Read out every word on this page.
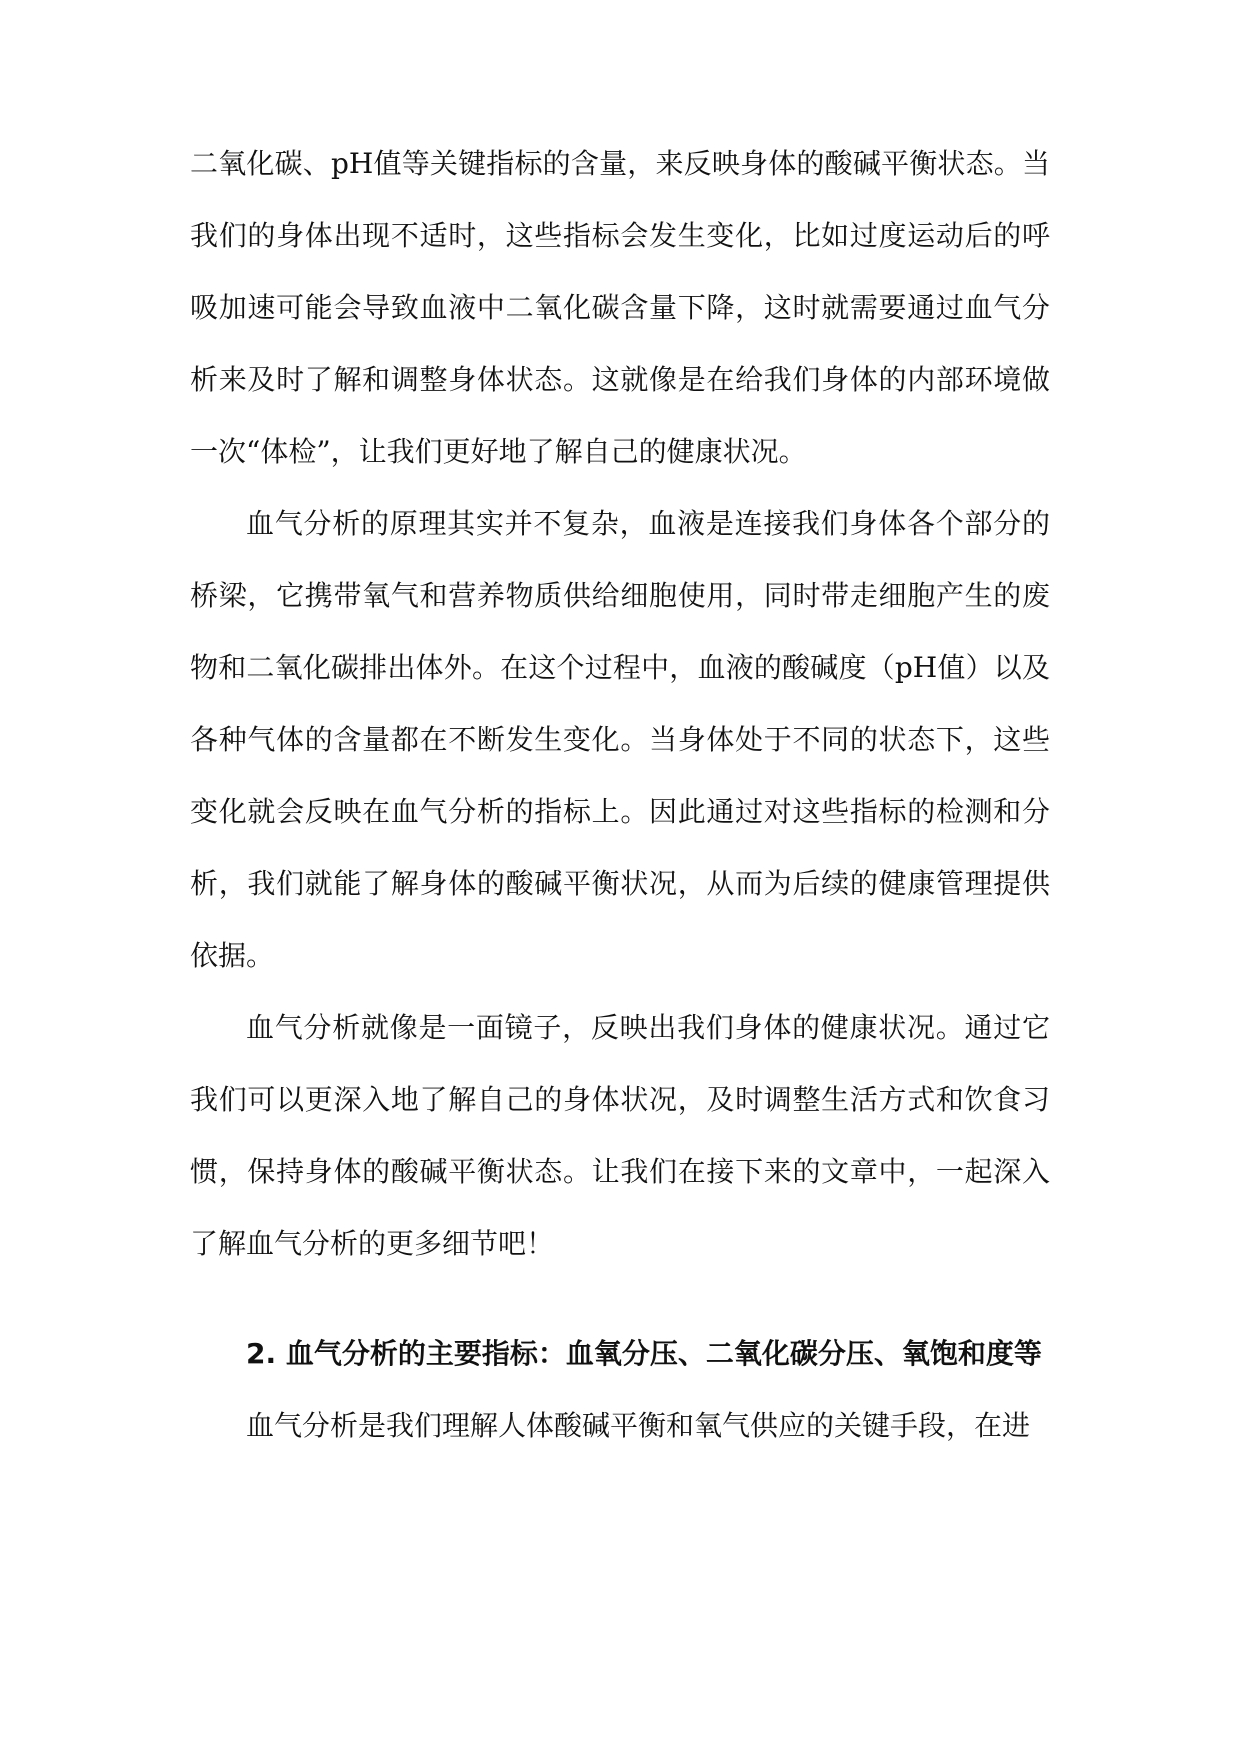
二氧化碳、pH值等关键指标的含量，来反映身体的酸碱平衡状态。当我们的身体出现不适时，这些指标会发生变化，比如过度运动后的呼吸加速可能会导致血液中二氧化碳含量下降，这时就需要通过血气分析来及时了解和调整身体状态。这就像是在给我们身体的内部环境做一次“体检”，让我们更好地了解自己的健康状况。

血气分析的原理其实并不复杂，血液是连接我们身体各个部分的桥梁，它携带氧气和营养物质供给细胞使用，同时带走细胞产生的废物和二氧化碳排出体外。在这个过程中，血液的酸碱度（pH值）以及各种气体的含量都在不断发生变化。当身体处于不同的状态下，这些变化就会反映在血气分析的指标上。因此通过对这些指标的检测和分析，我们就能了解身体的酸碱平衡状况，从而为后续的健康管理提供依据。

血气分析就像是一面镜子，反映出我们身体的健康状况。通过它我们可以更深入地了解自己的身体状况，及时调整生活方式和饮食习惯，保持身体的酸碱平衡状态。让我们在接下来的文章中，一起深入了解血气分析的更多细节吧！

2. 血气分析的主要指标：血氧分压、二氧化碳分压、氧饱和度等

血气分析是我们理解人体酸碱平衡和氧气供应的关键手段，在进
